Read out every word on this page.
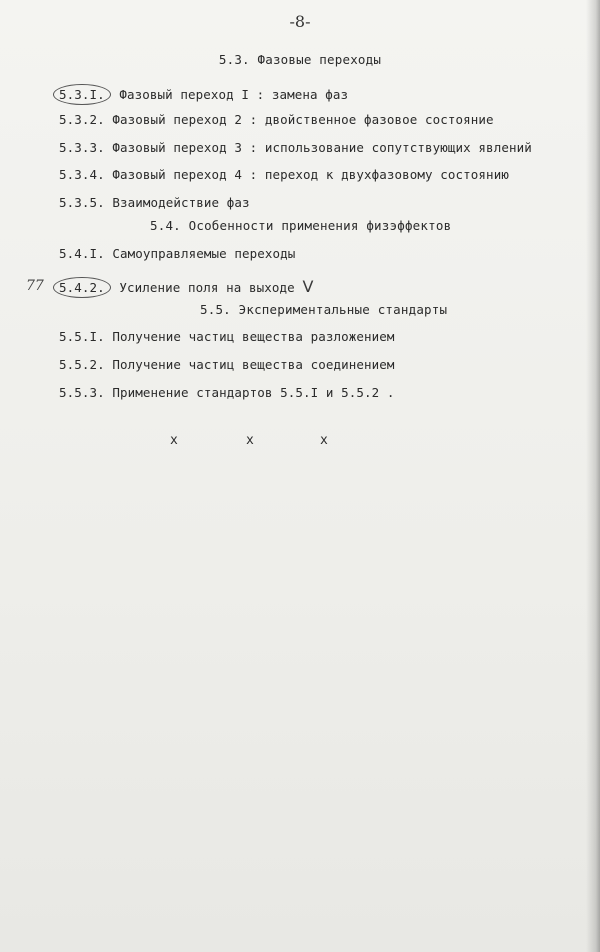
-8-
5.3. Фазовые переходы
5.3.I. Фазовый переход I : замена фаз
5.3.2. Фазовый переход 2 : двойственное фазовое состояние
5.3.3. Фазовый переход 3 : использование сопутствующих явлений
5.3.4. Фазовый переход 4 : переход к двухфазовому состоянию
5.3.5. Взаимодействие фаз
5.4. Особенности применения физэффектов
5.4.I. Самоуправляемые переходы
77 5.4.2. Усиление поля на выходе V
5.5. Экспериментальные стандарты
5.5.I. Получение частиц вещества разложением
5.5.2. Получение частиц вещества соединением
5.5.3. Применение стандартов 5.5.I и 5.5.2 .
x	x	x
